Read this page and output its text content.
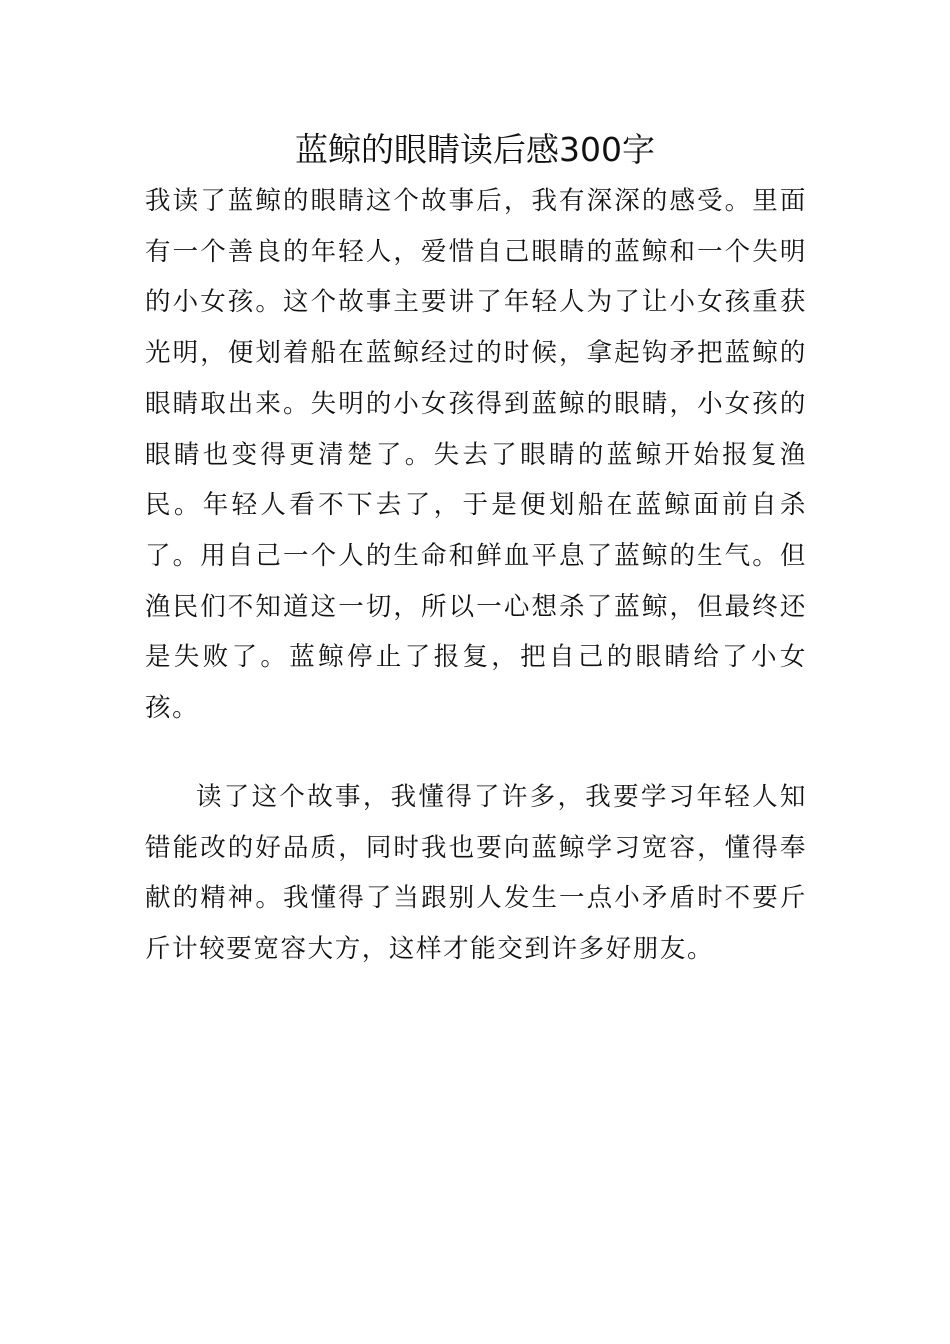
蓝鲸的眼睛读后感300字

我读了蓝鲸的眼睛这个故事后，我有深深的感受。里面有一个善良的年轻人，爱惜自己眼睛的蓝鲸和一个失明的小女孩。这个故事主要讲了年轻人为了让小女孩重获光明，便划着船在蓝鲸经过的时候，拿起钩矛把蓝鲸的眼睛取出来。失明的小女孩得到蓝鲸的眼睛，小女孩的眼睛也变得更清楚了。失去了眼睛的蓝鲸开始报复渔民。年轻人看不下去了，于是便划船在蓝鲸面前自杀了。用自己一个人的生命和鲜血平息了蓝鲸的生气。但渔民们不知道这一切，所以一心想杀了蓝鲸，但最终还是失败了。蓝鲸停止了报复，把自己的眼睛给了小女孩。

读了这个故事，我懂得了许多，我要学习年轻人知错能改的好品质，同时我也要向蓝鲸学习宽容，懂得奉献的精神。我懂得了当跟别人发生一点小矛盾时不要斤斤计较要宽容大方，这样才能交到许多好朋友。
